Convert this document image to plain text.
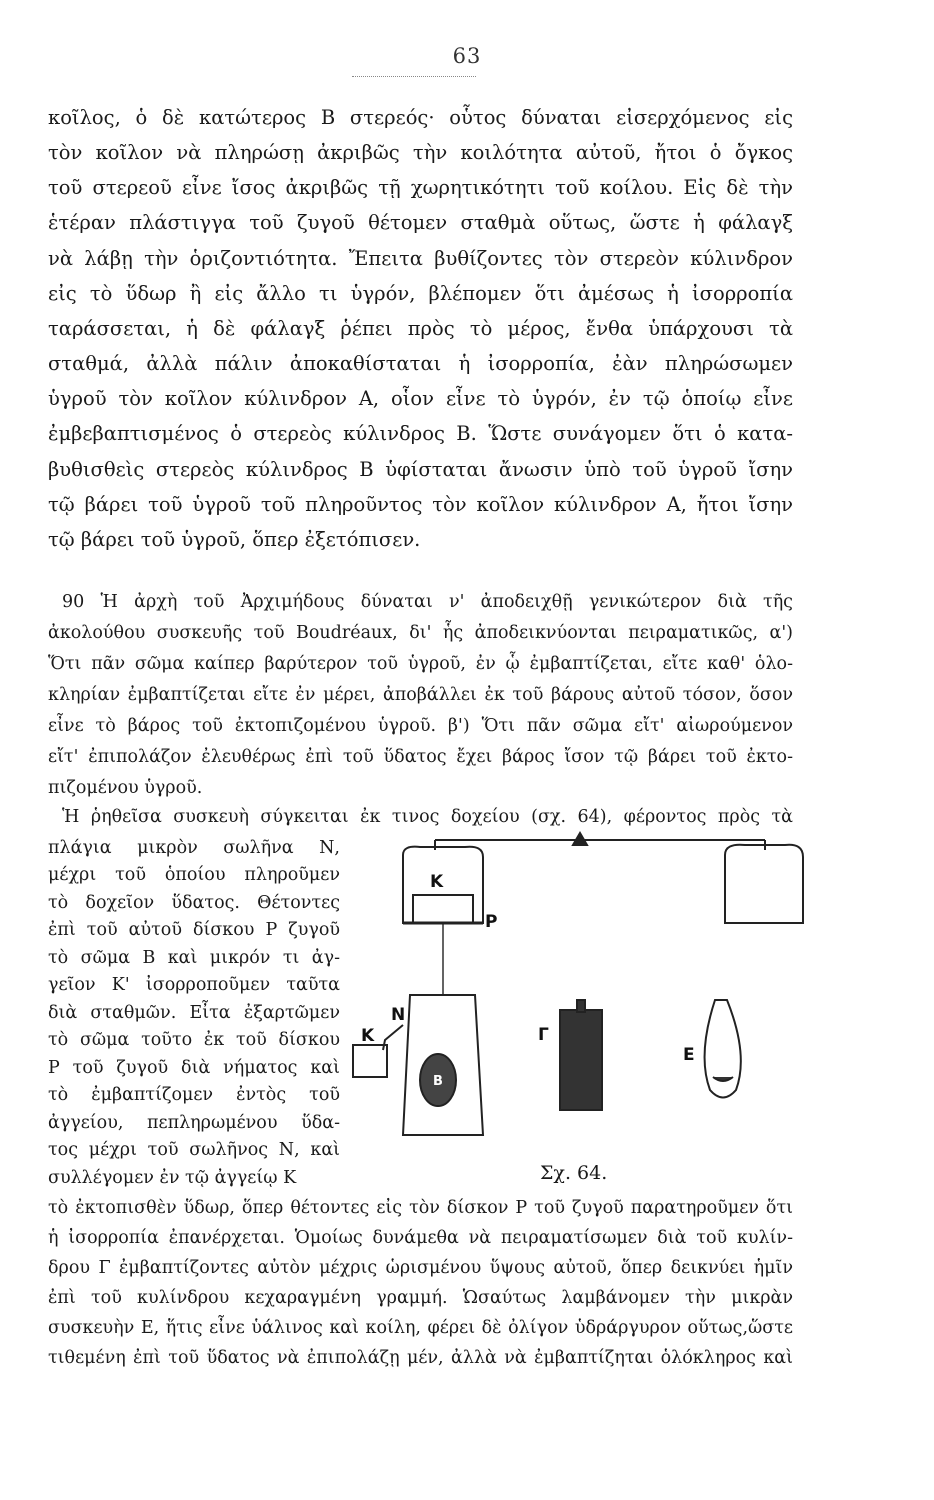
63

κοῖλος, ὁ δὲ κατώτερος Β στερεός· οὗτος δύναται εἰσερχόμενος εἰς

τὸν κοῖλον νὰ πληρώσῃ ἀκριβῶς τὴν κοιλότητα αὐτοῦ, ἤτοι ὁ ὄγκος

τοῦ στερεοῦ εἶνε ἴσος ἀκριβῶς τῇ χωρητικότητι τοῦ κοίλου. Εἰς δὲ τὴν

ἑτέραν πλάστιγγα τοῦ ζυγοῦ θέτομεν σταθμὰ οὕτως, ὥστε ἡ φάλαγξ

νὰ λάβῃ τὴν ὁριζοντιότητα. Ἔπειτα βυθίζοντες τὸν στερεὸν κύλινδρον

εἰς τὸ ὕδωρ ἢ εἰς ἄλλο τι ὑγρόν, βλέπομεν ὅτι ἀμέσως ἡ ἰσορροπία

ταράσσεται, ἡ δὲ φάλαγξ ῥέπει πρὸς τὸ μέρος, ἔνθα ὑπάρχουσι τὰ

σταθμά, ἀλλὰ πάλιν ἀποκαθίσταται ἡ ἰσορροπία, ἐὰν πληρώσωμεν

ὑγροῦ τὸν κοῖλον κύλινδρον Α, οἷον εἶνε τὸ ὑγρόν, ἐν τῷ ὁποίῳ εἶνε

ἐμβεβαπτισμένος ὁ στερεὸς κύλινδρος Β. Ὥστε συνάγομεν ὅτι ὁ κατα-

βυθισθεὶς στερεὸς κύλινδρος Β ὑφίσταται ἄνωσιν ὑπὸ τοῦ ὑγροῦ ἴσην

τῷ βάρει τοῦ ὑγροῦ τοῦ πληροῦντος τὸν κοῖλον κύλινδρον Α, ἤτοι ἴσην

τῷ βάρει τοῦ ὑγροῦ, ὅπερ ἐξετόπισεν.

90 Ἡ ἀρχὴ τοῦ Ἀρχιμήδους δύναται ν' ἀποδειχθῇ γενικώτερον διὰ τῆς

ἀκολούθου συσκευῆς τοῦ Boudréaux, δι' ἧς ἀποδεικνύονται πειραματικῶς, α')

Ὅτι πᾶν σῶμα καίπερ βαρύτερον τοῦ ὑγροῦ, ἐν ᾧ ἐμβαπτίζεται, εἴτε καθ' ὁλο-

κληρίαν ἐμβαπτίζεται εἴτε ἐν μέρει, ἀποβάλλει ἐκ τοῦ βάρους αὐτοῦ τόσον, ὅσον

εἶνε τὸ βάρος τοῦ ἐκτοπιζομένου ὑγροῦ. β') Ὅτι πᾶν σῶμα εἴτ' αἰωρούμενον

εἴτ' ἐπιπολάζον ἐλευθέρως ἐπὶ τοῦ ὕδατος ἔχει βάρος ἴσον τῷ βάρει τοῦ ἐκτο-

πιζομένου ὑγροῦ.

Ἡ ῥηθεῖσα συσκευὴ σύγκειται ἐκ τινος δοχείου (σχ. 64), φέροντος πρὸς τὰ

πλάγια μικρὸν σωλῆνα Ν,

μέχρι τοῦ ὁποίου πληροῦμεν

τὸ δοχεῖον ὕδατος. Θέτοντες

ἐπὶ τοῦ αὐτοῦ δίσκου Ρ ζυγοῦ

τὸ σῶμα Β καὶ μικρόν τι ἀγ-

γεῖον Κ' ἰσορροποῦμεν ταῦτα

διὰ σταθμῶν. Εἶτα ἐξαρτῶμεν

τὸ σῶμα τοῦτο ἐκ τοῦ δίσκου

Ρ τοῦ ζυγοῦ διὰ νήματος καὶ

τὸ ἐμβαπτίζομεν ἐντὸς τοῦ

ἀγγείου, πεπληρωμένου ὕδα-

τος μέχρι τοῦ σωλῆνος Ν, καὶ

συλλέγομεν ἐν τῷ ἀγγείῳ Κ

τὸ ἐκτοπισθὲν ὕδωρ, ὅπερ θέτοντες εἰς τὸν δίσκον Ρ τοῦ ζυγοῦ παρατηροῦμεν ὅτι

ἡ ἰσορροπία ἐπανέρχεται. Ὁμοίως δυνάμεθα νὰ πειραματίσωμεν διὰ τοῦ κυλίν-

δρου Γ ἐμβαπτίζοντες αὐτὸν μέχρις ὡρισμένου ὕψους αὐτοῦ, ὅπερ δεικνύει ἡμῖν

ἐπὶ τοῦ κυλίνδρου κεχαραγμένη γραμμή. Ὡσαύτως λαμβάνομεν τὴν μικρὰν

συσκευὴν Ε, ἥτις εἶνε ὑάλινος καὶ κοίλη, φέρει δὲ ὀλίγον ὑδράργυρον οὕτως,ὥστε

τιθεμένη ἐπὶ τοῦ ὕδατος νὰ ἐπιπολάζῃ μέν, ἀλλὰ νὰ ἐμβαπτίζηται ὁλόκληρος καὶ

K
P
N
K
B
Γ
E
Σχ. 64.
